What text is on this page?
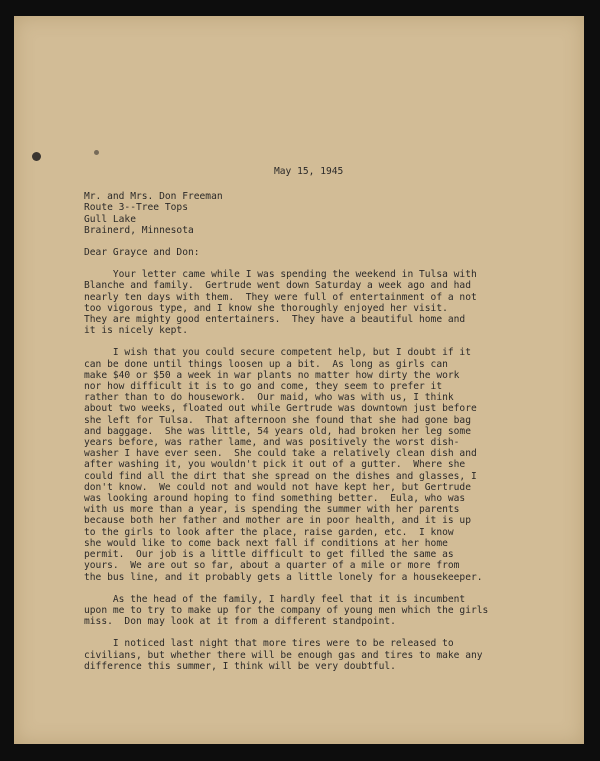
May 15, 1945
Mr. and Mrs. Don Freeman
Route 3--Tree Tops
Gull Lake
Brainerd, Minnesota
Dear Grayce and Don:
Your letter came while I was spending the weekend in Tulsa with
Blanche and family.  Gertrude went down Saturday a week ago and had
nearly ten days with them.  They were full of entertainment of a not
too vigorous type, and I know she thoroughly enjoyed her visit.
They are mighty good entertainers.  They have a beautiful home and
it is nicely kept.
I wish that you could secure competent help, but I doubt if it
can be done until things loosen up a bit.  As long as girls can
make $40 or $50 a week in war plants no matter how dirty the work
nor how difficult it is to go and come, they seem to prefer it
rather than to do housework.  Our maid, who was with us, I think
about two weeks, floated out while Gertrude was downtown just before
she left for Tulsa.  That afternoon she found that she had gone bag
and baggage.  She was little, 54 years old, had broken her leg some
years before, was rather lame, and was positively the worst dish-
washer I have ever seen.  She could take a relatively clean dish and
after washing it, you wouldn't pick it out of a gutter.  Where she
could find all the dirt that she spread on the dishes and glasses, I
don't know.  We could not and would not have kept her, but Gertrude
was looking around hoping to find something better.  Eula, who was
with us more than a year, is spending the summer with her parents
because both her father and mother are in poor health, and it is up
to the girls to look after the place, raise garden, etc.  I know
she would like to come back next fall if conditions at her home
permit.  Our job is a little difficult to get filled the same as
yours.  We are out so far, about a quarter of a mile or more from
the bus line, and it probably gets a little lonely for a housekeeper.
As the head of the family, I hardly feel that it is incumbent
upon me to try to make up for the company of young men which the girls
miss.  Don may look at it from a different standpoint.
I noticed last night that more tires were to be released to
civilians, but whether there will be enough gas and tires to make any
difference this summer, I think will be very doubtful.
